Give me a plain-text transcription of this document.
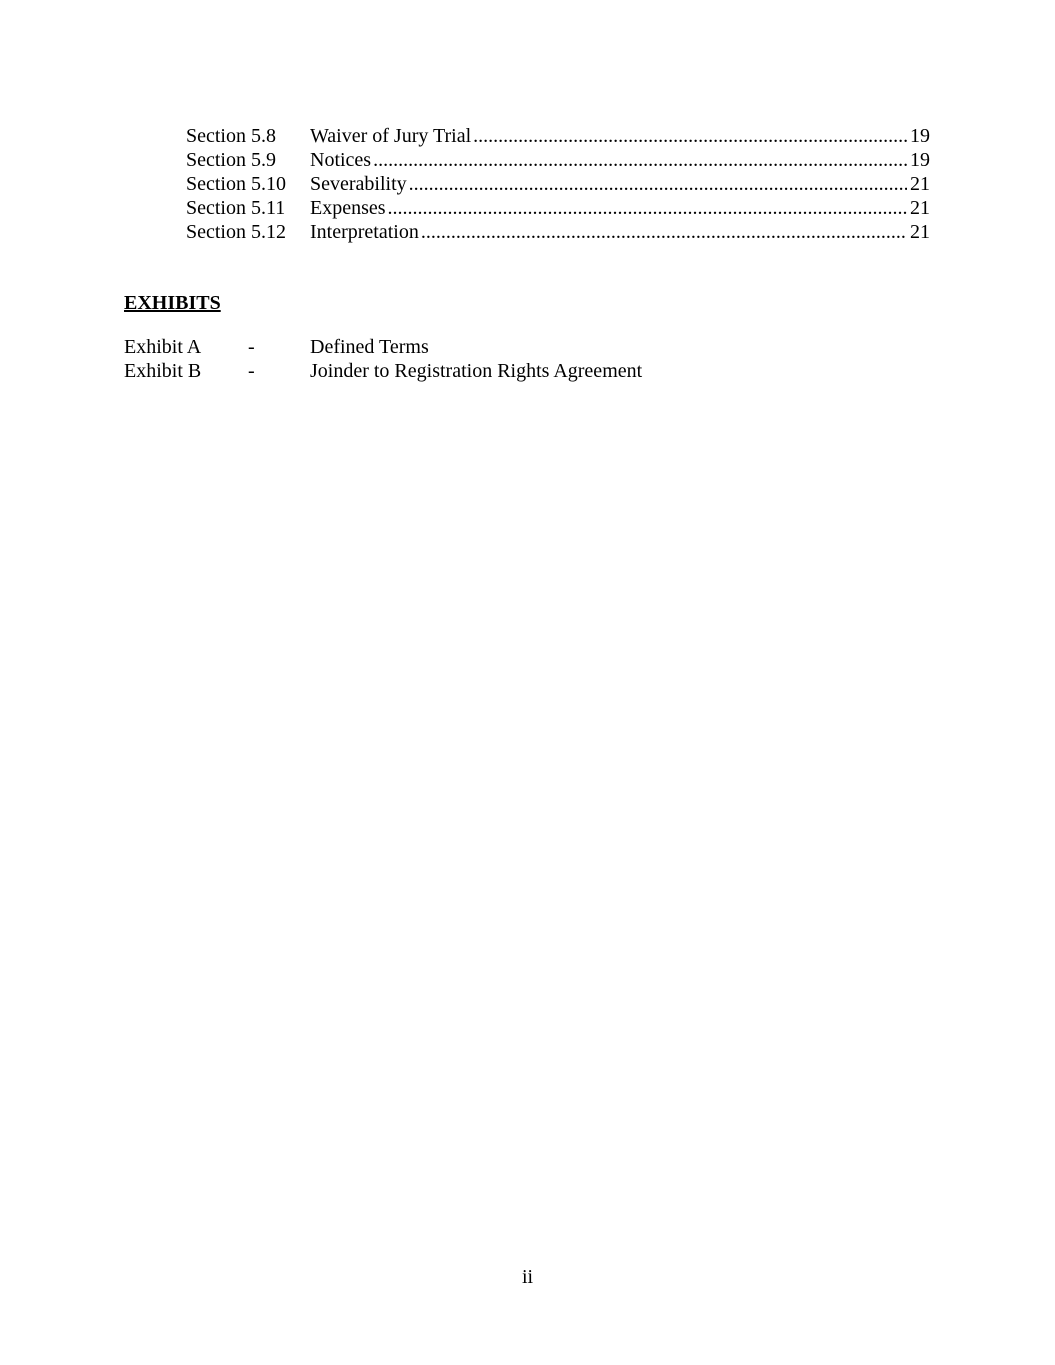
Section 5.8	Waiver of Jury Trial .....	19
Section 5.9	Notices .....	19
Section 5.10	Severability .....	21
Section 5.11	Expenses .....	21
Section 5.12	Interpretation .....	21
EXHIBITS
Exhibit A	-	Defined Terms
Exhibit B	-	Joinder to Registration Rights Agreement
ii
